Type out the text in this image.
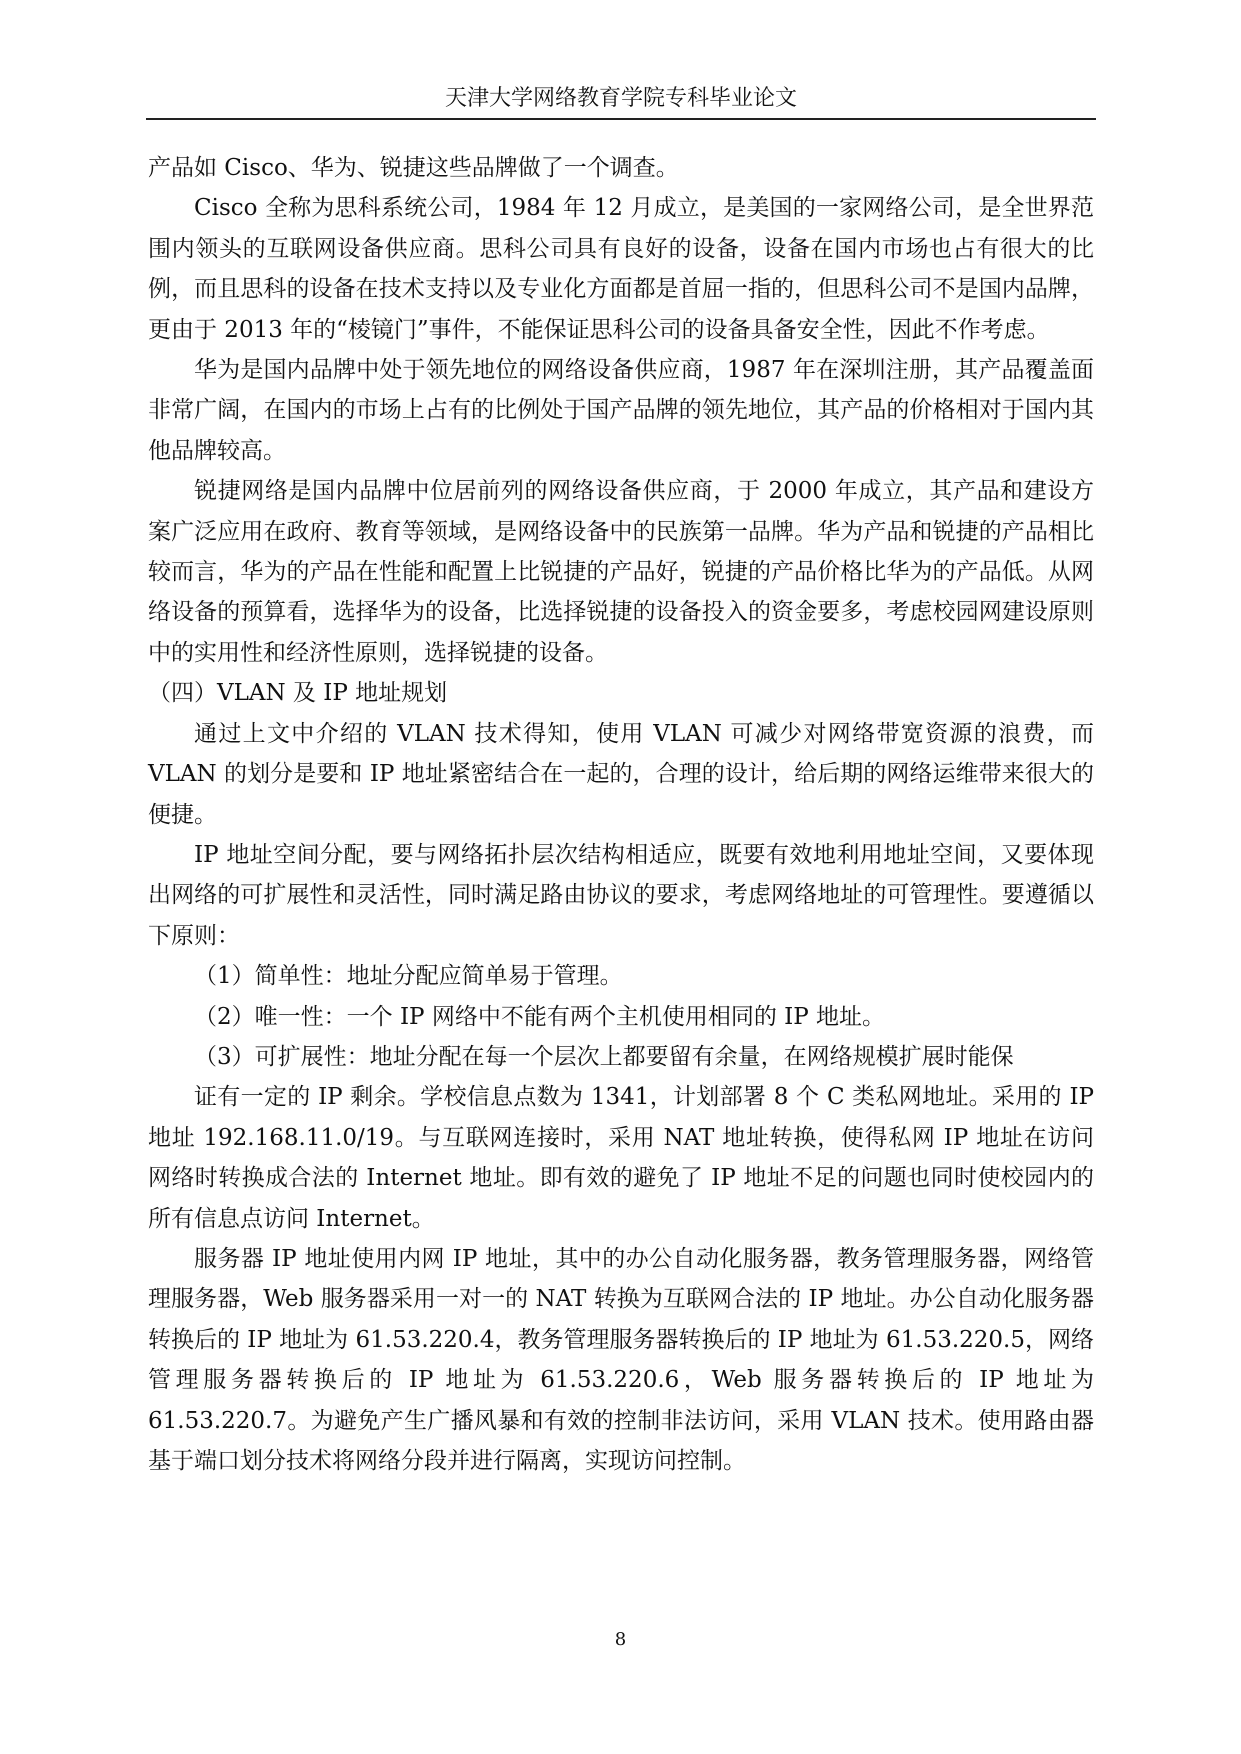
天津大学网络教育学院专科毕业论文

产品如 Cisco、华为、锐捷这些品牌做了一个调查。

Cisco 全称为思科系统公司，1984 年 12 月成立，是美国的一家网络公司，是全世界范围内领头的互联网设备供应商。思科公司具有良好的设备，设备在国内市场也占有很大的比例，而且思科的设备在技术支持以及专业化方面都是首屈一指的，但思科公司不是国内品牌，更由于 2013 年的“棱镜门”事件，不能保证思科公司的设备具备安全性，因此不作考虑。

华为是国内品牌中处于领先地位的网络设备供应商，1987 年在深圳注册，其产品覆盖面非常广阔，在国内的市场上占有的比例处于国产品牌的领先地位，其产品的价格相对于国内其他品牌较高。

锐捷网络是国内品牌中位居前列的网络设备供应商，于 2000 年成立，其产品和建设方案广泛应用在政府、教育等领域，是网络设备中的民族第一品牌。华为产品和锐捷的产品相比较而言，华为的产品在性能和配置上比锐捷的产品好，锐捷的产品价格比华为的产品低。从网络设备的预算看，选择华为的设备，比选择锐捷的设备投入的资金要多，考虑校园网建设原则中的实用性和经济性原则，选择锐捷的设备。

（四）VLAN 及 IP 地址规划

通过上文中介绍的 VLAN 技术得知，使用 VLAN 可减少对网络带宽资源的浪费，而 VLAN 的划分是要和 IP 地址紧密结合在一起的，合理的设计，给后期的网络运维带来很大的便捷。

IP 地址空间分配，要与网络拓扑层次结构相适应，既要有效地利用地址空间，又要体现出网络的可扩展性和灵活性，同时满足路由协议的要求，考虑网络地址的可管理性。要遵循以下原则：

（1）简单性：地址分配应简单易于管理。

（2）唯一性：一个 IP 网络中不能有两个主机使用相同的 IP 地址。

（3）可扩展性：地址分配在每一个层次上都要留有余量，在网络规模扩展时能保

证有一定的 IP 剩余。学校信息点数为 1341，计划部署 8 个 C 类私网地址。采用的 IP 地址 192.168.11.0/19。与互联网连接时，采用 NAT 地址转换，使得私网 IP 地址在访问网络时转换成合法的 Internet 地址。即有效的避免了 IP 地址不足的问题也同时使校园内的所有信息点访问 Internet。

服务器 IP 地址使用内网 IP 地址，其中的办公自动化服务器，教务管理服务器，网络管理服务器，Web 服务器采用一对一的 NAT 转换为互联网合法的 IP 地址。办公自动化服务器转换后的 IP 地址为 61.53.220.4，教务管理服务器转换后的 IP 地址为 61.53.220.5，网络管理服务器转换后的 IP 地址为 61.53.220.6，Web 服务器转换后的 IP 地址为 61.53.220.7。为避免产生广播风暴和有效的控制非法访问，采用 VLAN 技术。使用路由器基于端口划分技术将网络分段并进行隔离，实现访问控制。

8
